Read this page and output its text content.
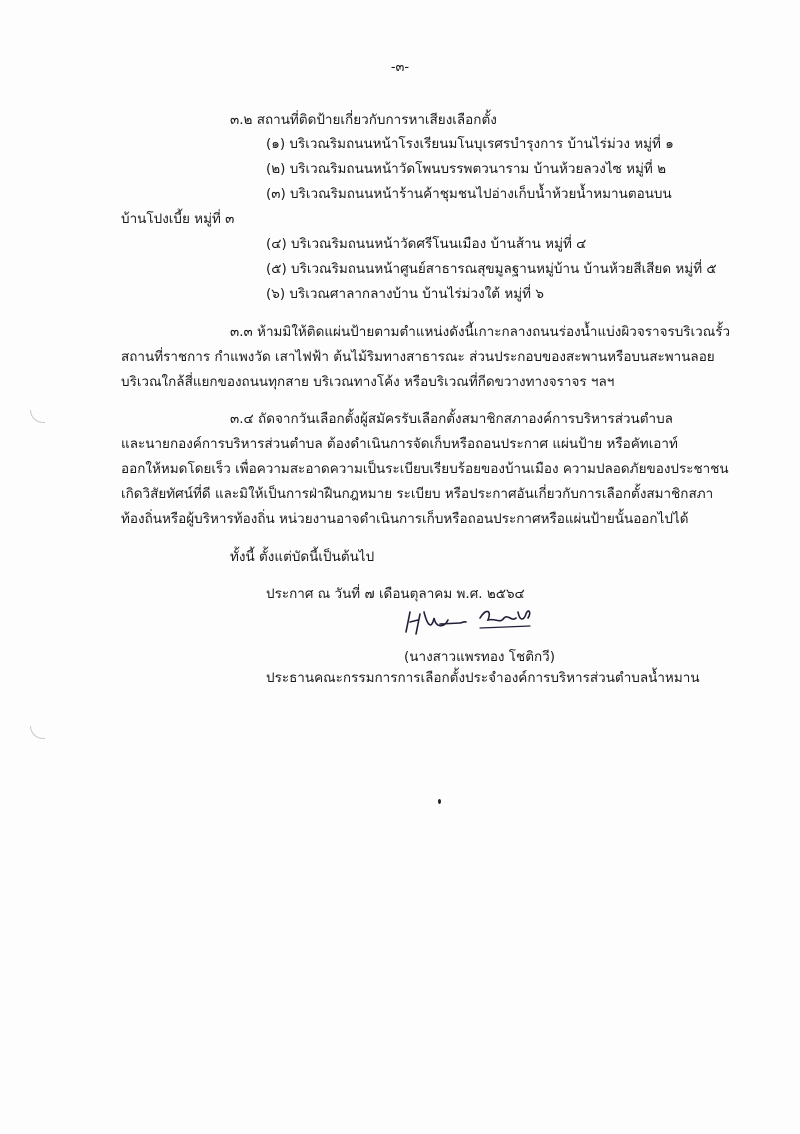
-๓-
๓.๒ สถานที่ติดป้ายเกี่ยวกับการหาเสียงเลือกตั้ง
(๑) บริเวณริมถนนหน้าโรงเรียนมโนบุเรศรบำรุงการ บ้านไร่ม่วง หมู่ที่ ๑
(๒) บริเวณริมถนนหน้าวัดโพนบรรพตวนาราม บ้านห้วยลวงไซ หมู่ที่ ๒
(๓) บริเวณริมถนนหน้าร้านค้าชุมชนไปอ่างเก็บน้ำห้วยน้ำหมานตอนบน
บ้านโปงเบี้ย หมู่ที่ ๓
(๔) บริเวณริมถนนหน้าวัดศรีโนนเมือง บ้านส้าน หมู่ที่ ๔
(๕) บริเวณริมถนนหน้าศูนย์สาธารณสุขมูลฐานหมู่บ้าน บ้านห้วยสีเสียด หมู่ที่ ๕
(๖) บริเวณศาลากลางบ้าน บ้านไร่ม่วงใต้ หมู่ที่ ๖
๓.๓ ห้ามมิให้ติดแผ่นป้ายตามตำแหน่งดังนี้เกาะกลางถนนร่องน้ำแบ่งผิวจราจรบริเวณรั้ว
สถานที่ราชการ กำแพงวัด เสาไฟฟ้า ต้นไม้ริมทางสาธารณะ ส่วนประกอบของสะพานหรือบนสะพานลอย
บริเวณใกล้สี่แยกของถนนทุกสาย บริเวณทางโค้ง หรือบริเวณที่กีดขวางทางจราจร ฯลฯ
๓.๔ ถัดจากวันเลือกตั้งผู้สมัครรับเลือกตั้งสมาชิกสภาองค์การบริหารส่วนตำบล
และนายกองค์การบริหารส่วนตำบล ต้องดำเนินการจัดเก็บหรือถอนประกาศ แผ่นป้าย หรือคัทเอาท์
ออกให้หมดโดยเร็ว เพื่อความสะอาดความเป็นระเบียบเรียบร้อยของบ้านเมือง ความปลอดภัยของประชาชน
เกิดวิสัยทัศน์ที่ดี และมิให้เป็นการฝ่าฝืนกฎหมาย ระเบียบ หรือประกาศอันเกี่ยวกับการเลือกตั้งสมาชิกสภา
ท้องถิ่นหรือผู้บริหารท้องถิ่น หน่วยงานอาจดำเนินการเก็บหรือถอนประกาศหรือแผ่นป้ายนั้นออกไปได้
ทั้งนี้ ตั้งแต่บัดนี้เป็นต้นไป
ประกาศ ณ วันที่ ๗ เดือนตุลาคม พ.ศ. ๒๕๖๔
(นางสาวแพรทอง โชติกวี)
ประธานคณะกรรมการการเลือกตั้งประจำองค์การบริหารส่วนตำบลน้ำหมาน
